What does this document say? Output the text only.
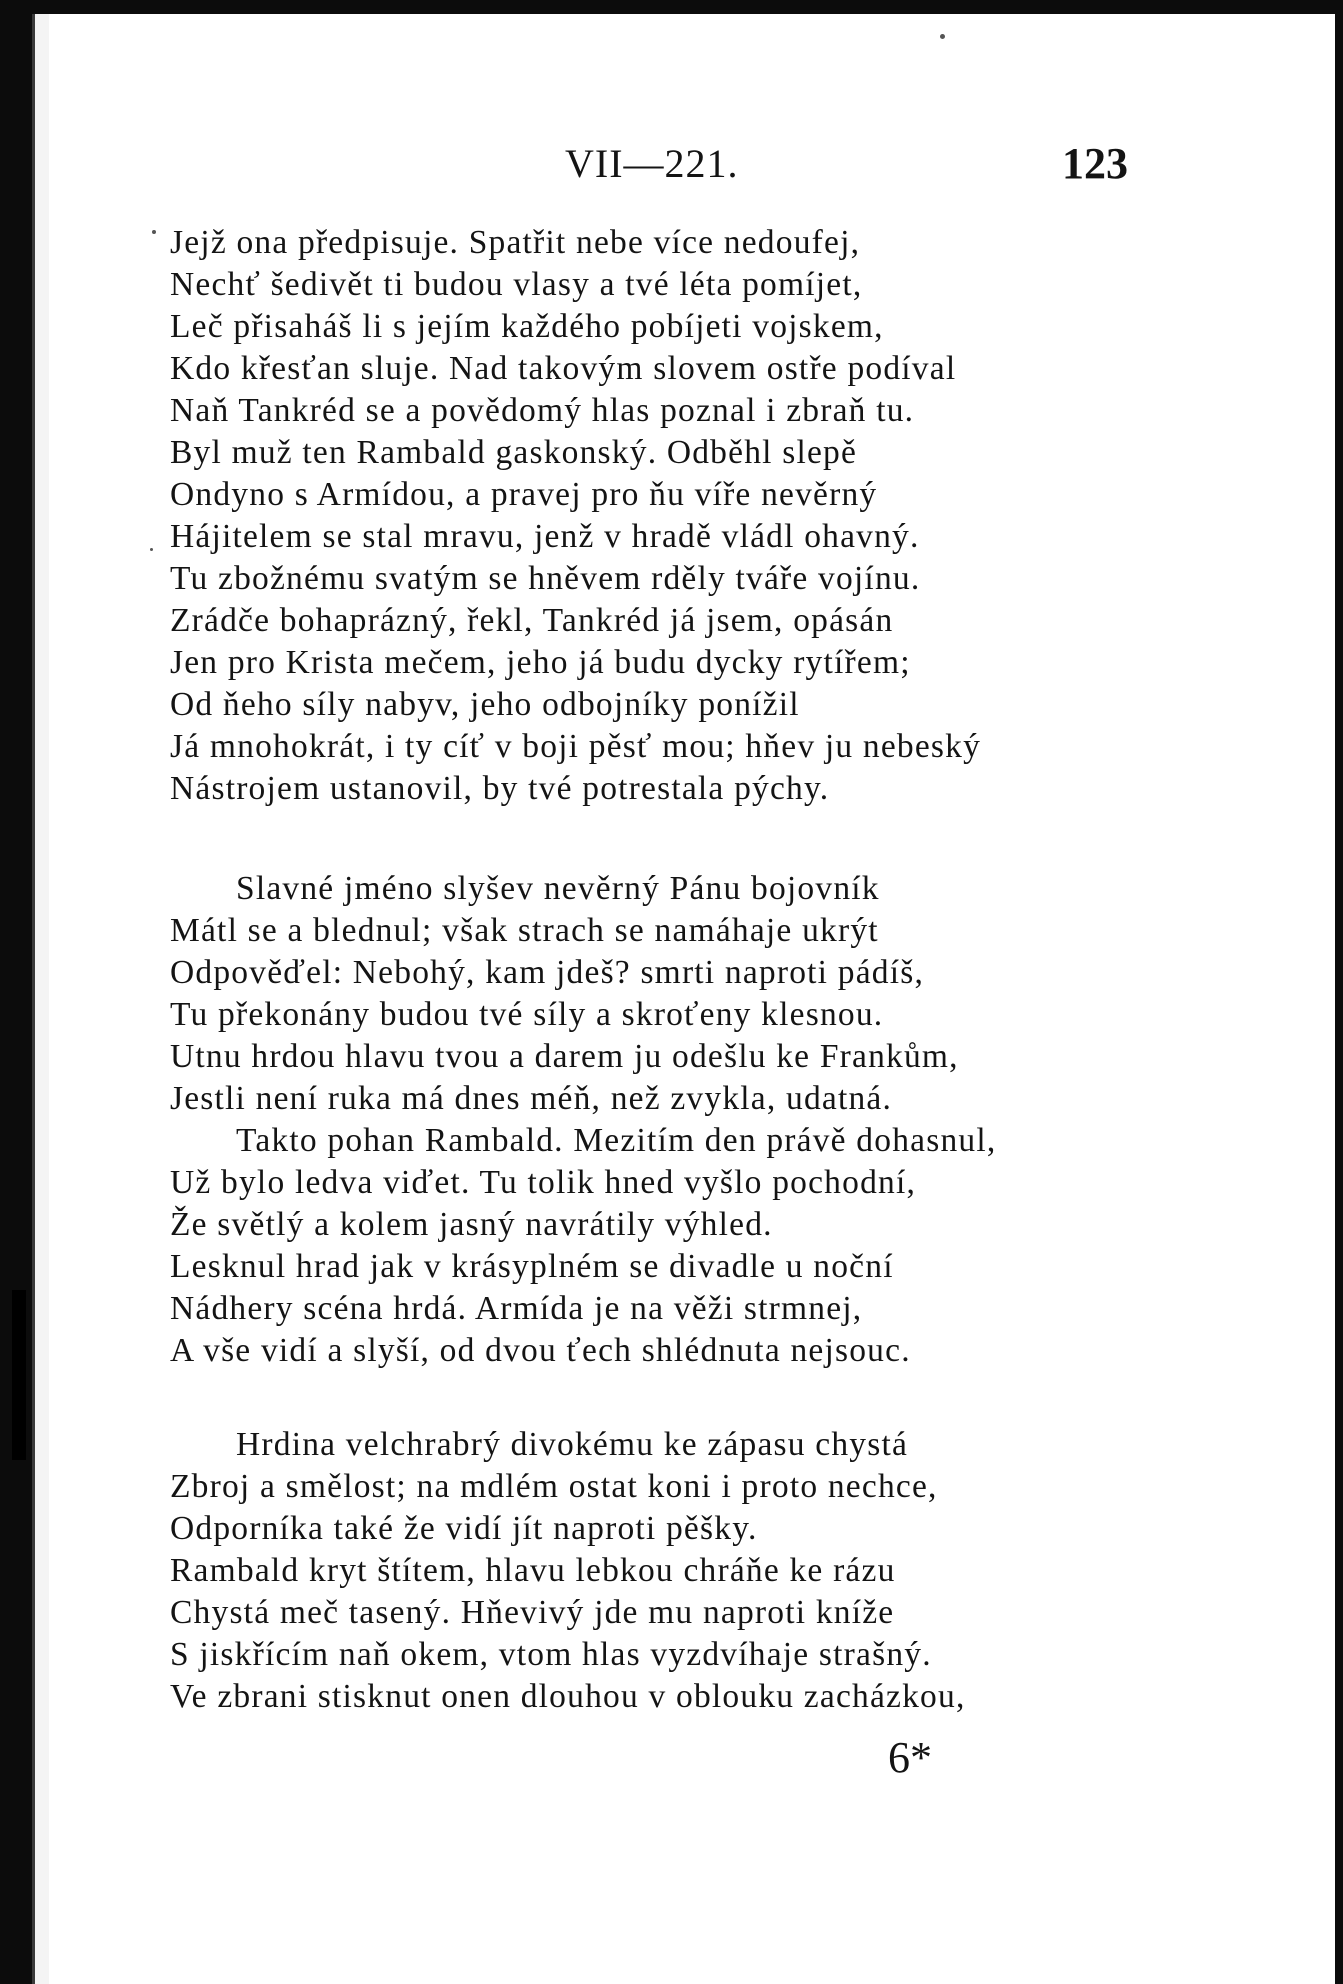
VII—221.	123
Jejž ona předpisuje. Spatřit nebe více nedoufej,
Nechť šedivět ti budou vlasy a tvé léta pomíjet,
Leč přisaháš li s jejím každého pobíjeti vojskem,
Kdo křesťan sluje. Nad takovým slovem ostře podíval
Naň Tankréd se a povědomý hlas poznal i zbraň tu.
Byl muž ten Rambald gaskonský. Odběhl slepě
Ondyno s Armídou, a pravej pro ňu víře nevěrný
Hájitelem se stal mravu, jenž v hradě vládl ohavný.
Tu zbožnému svatým se hněvem rděly tváře vojínu.
Zrádče bohaprázný, řekl, Tankréd já jsem, opásán
Jen pro Krista mečem, jeho já budu dycky rytířem;
Od ňeho síly nabyv, jeho odbojníky ponížil
Já mnohokrát, i ty cíť v boji pěsť mou; hňev ju nebeský
Nástrojem ustanovil, by tvé potrestala pýchy.
Slavné jméno slyšev nevěrný Pánu bojovník
Mátl se a blednul; však strach se namáhaje ukrýt
Odpověďel: Nebohý, kam jdeš? smrti naproti pádíš,
Tu překonány budou tvé síly a skroťeny klesnou.
Utnu hrdou hlavu tvou a darem ju odešlu ke Frankům,
Jestli není ruka má dnes méň, než zvykla, udatná.
Takto pohan Rambald. Mezitím den právě dohasnul,
Už bylo ledva viďet. Tu tolik hned vyšlo pochodní,
Že světlý a kolem jasný navrátily výhled.
Lesknul hrad jak v krásyplném se divadle u noční
Nádhery scéna hrdá. Armída je na věži strmnej,
A vše vidí a slyší, od dvou ťech shlédnuta nejsouc.
Hrdina velchrabrý divokému ke zápasu chystá
Zbroj a smělost; na mdlém ostat koni i proto nechce,
Odporníka také že vidí jít naproti pěšky.
Rambald kryt štítem, hlavu lebkou chráňe ke rázu
Chystá meč tasený. Hňevivý jde mu naproti kníže
S jiskřícím naň okem, vtom hlas vyzdvíhaje strašný.
Ve zbrani stisknut onen dlouhou v oblouku zacházkou,
6*
